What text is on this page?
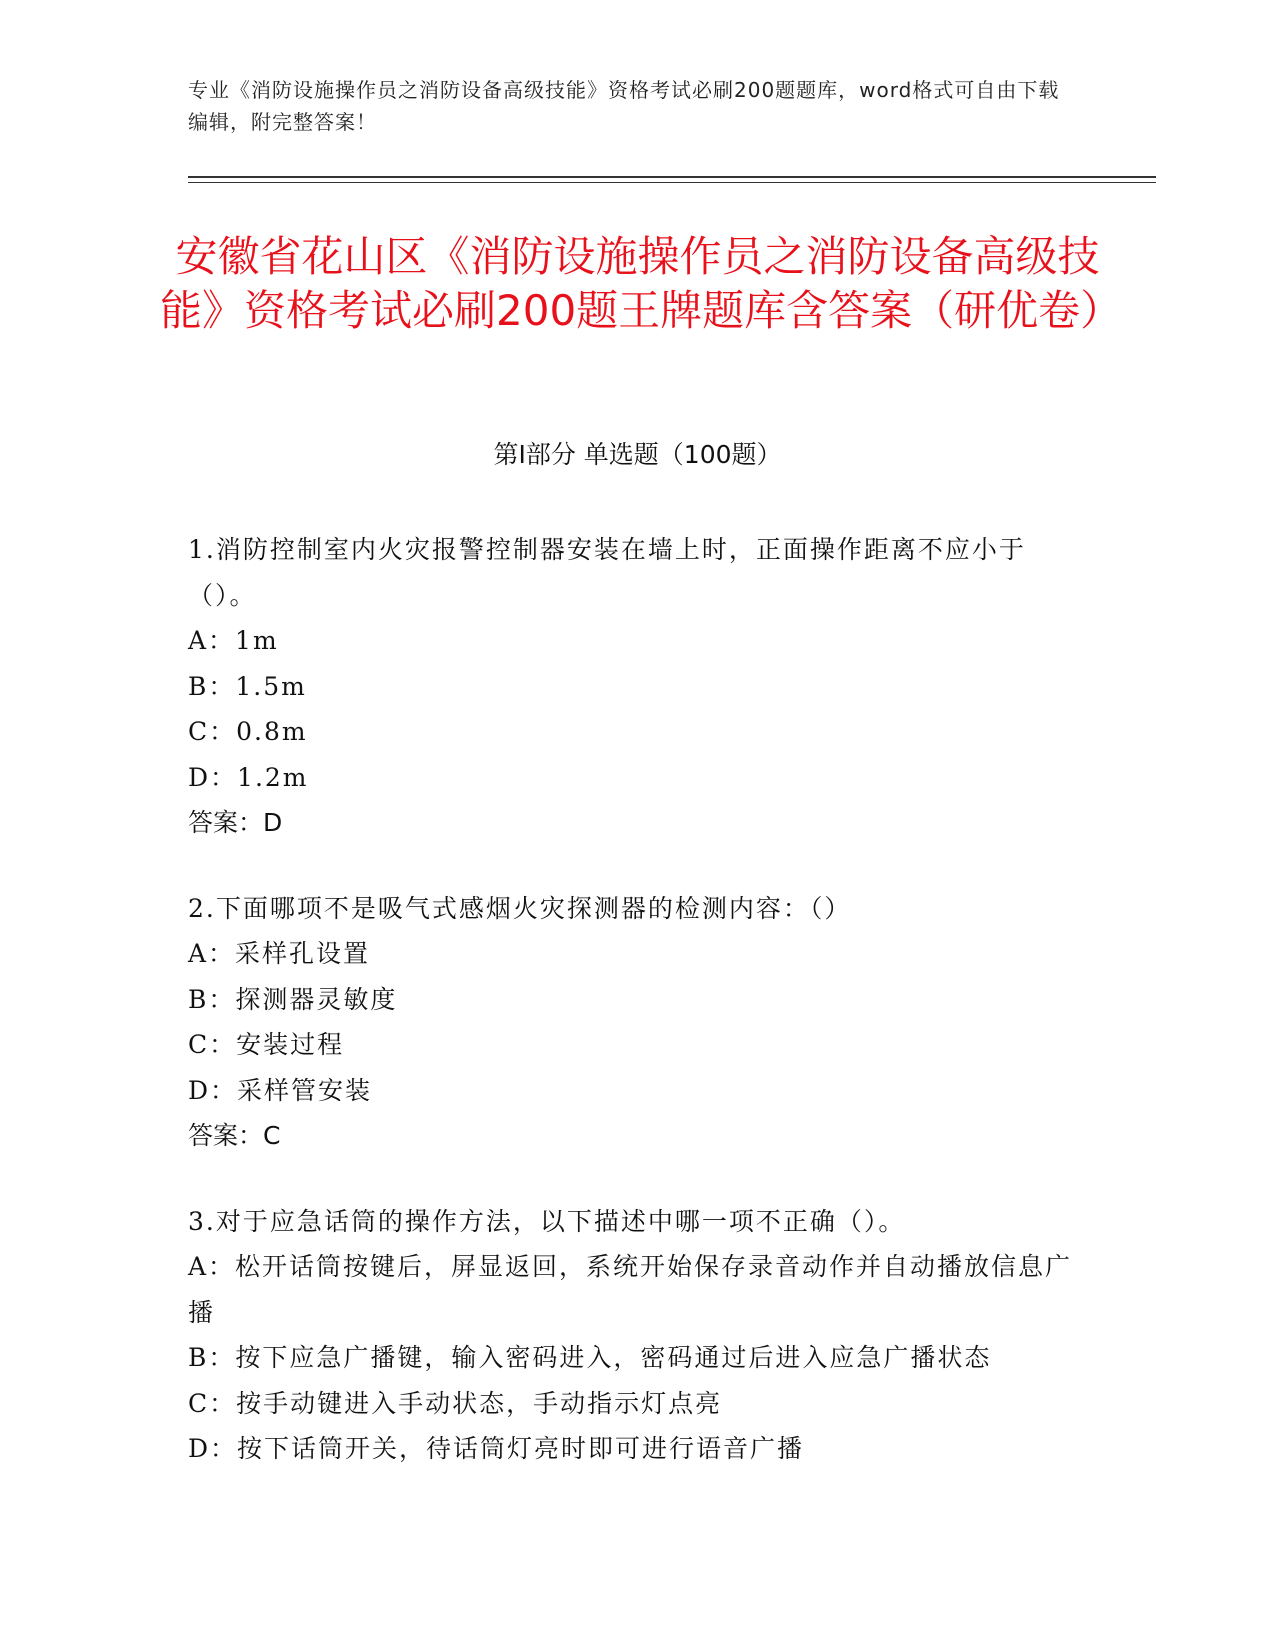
专业《消防设施操作员之消防设备高级技能》资格考试必刷200题题库，word格式可自由下载编辑，附完整答案！
安徽省花山区《消防设施操作员之消防设备高级技能》资格考试必刷200题王牌题库含答案（研优卷）
第I部分 单选题（100题）
1.消防控制室内火灾报警控制器安装在墙上时，正面操作距离不应小于（）。
A：1m
B：1.5m
C：0.8m
D：1.2m
答案：D
2.下面哪项不是吸气式感烟火灾探测器的检测内容：（）
A：采样孔设置
B：探测器灵敏度
C：安装过程
D：采样管安装
答案：C
3.对于应急话筒的操作方法，以下描述中哪一项不正确（）。
A：松开话筒按键后，屏显返回，系统开始保存录音动作并自动播放信息广播
B：按下应急广播键，输入密码进入，密码通过后进入应急广播状态
C：按手动键进入手动状态，手动指示灯点亮
D：按下话筒开关，待话筒灯亮时即可进行语音广播
